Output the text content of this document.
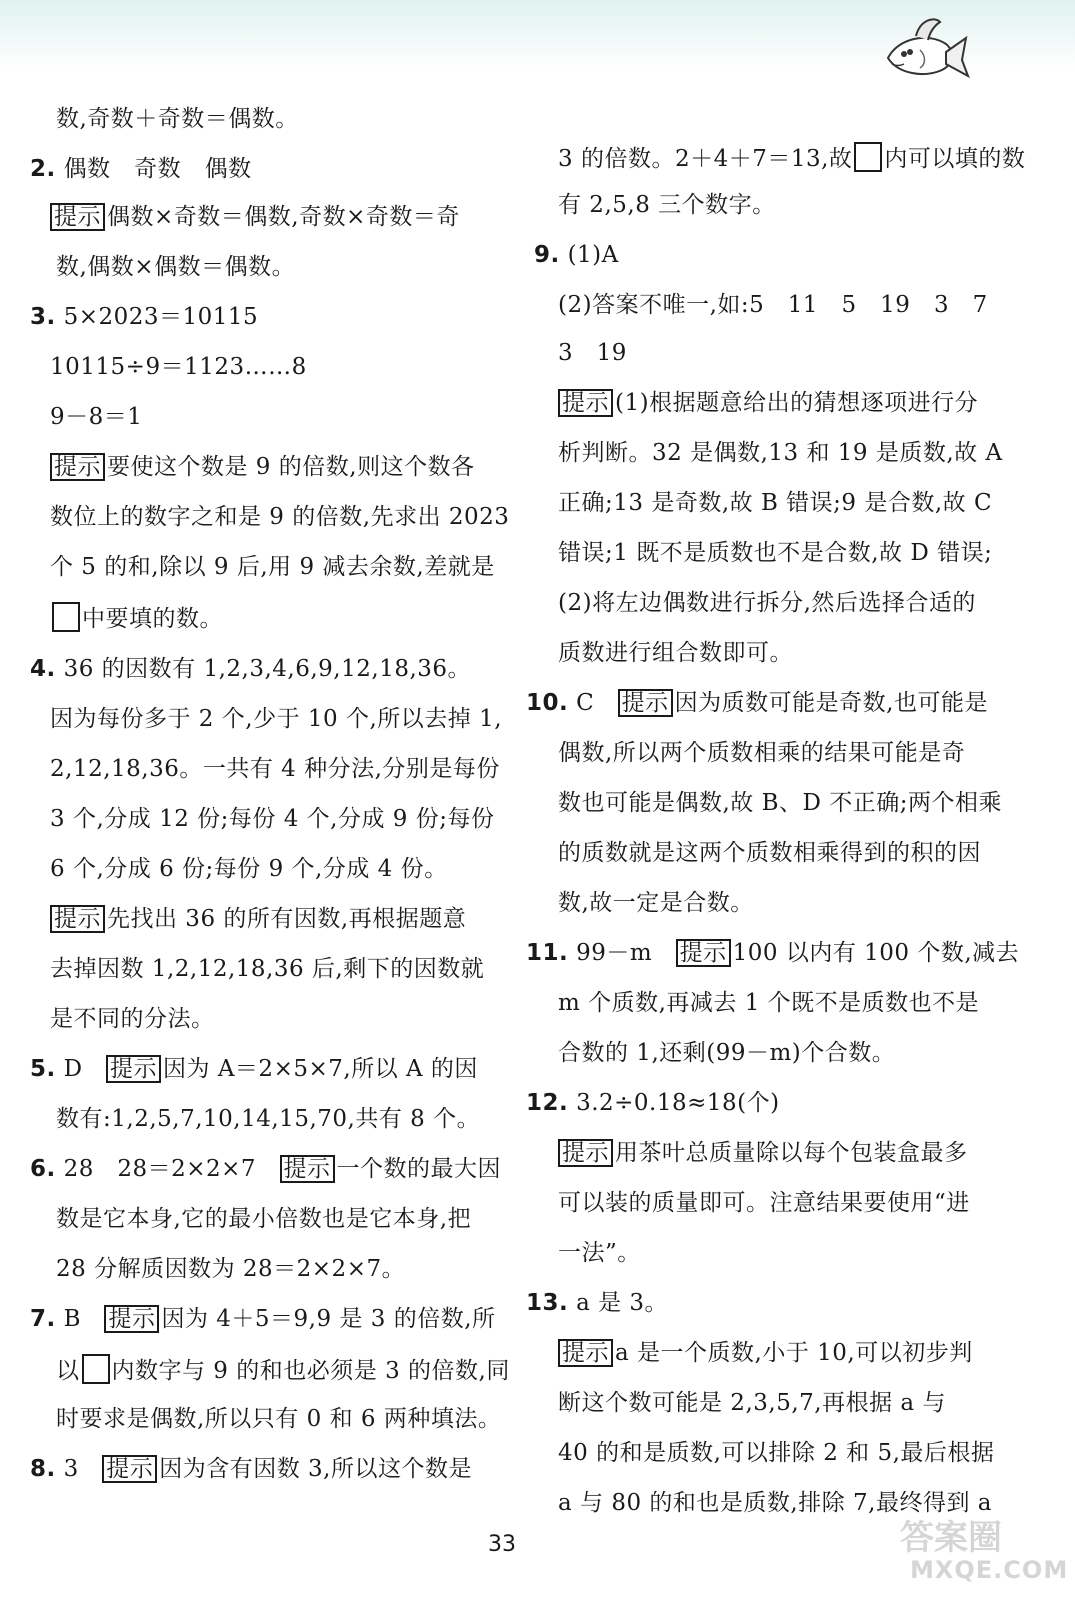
数,奇数＋奇数＝偶数。
2. 偶数　奇数　偶数
提示 偶数×奇数＝偶数,奇数×奇数＝奇
数,偶数×偶数＝偶数。
3. 5×2023＝10115
10115÷9＝1123……8
9－8＝1
提示 要使这个数是 9 的倍数,则这个数各
数位上的数字之和是 9 的倍数,先求出 2023
个 5 的和,除以 9 后,用 9 减去余数,差就是
中要填的数。
4. 36 的因数有 1,2,3,4,6,9,12,18,36。
因为每份多于 2 个,少于 10 个,所以去掉 1,
2,12,18,36。一共有 4 种分法,分别是每份
3 个,分成 12 份;每份 4 个,分成 9 份;每份
6 个,分成 6 份;每份 9 个,分成 4 份。
提示 先找出 36 的所有因数,再根据题意
去掉因数 1,2,12,18,36 后,剩下的因数就
是不同的分法。
5. D　提示 因为 A＝2×5×7,所以 A 的因
数有:1,2,5,7,10,14,15,70,共有 8 个。
6. 28　28＝2×2×7　提示 一个数的最大因
数是它本身,它的最小倍数也是它本身,把
28 分解质因数为 28＝2×2×7。
7. B　提示 因为 4＋5＝9,9 是 3 的倍数,所
以 内数字与 9 的和也必须是 3 的倍数,同
时要求是偶数,所以只有 0 和 6 两种填法。
8. 3　提示 因为含有因数 3,所以这个数是
3 的倍数。2＋4＋7＝13,故 内可以填的数
有 2,5,8 三个数字。
9. (1)A
(2)答案不唯一,如:5　11　5　19　3　7
3　19
提示 (1)根据题意给出的猜想逐项进行分
析判断。32 是偶数,13 和 19 是质数,故 A
正确;13 是奇数,故 B 错误;9 是合数,故 C
错误;1 既不是质数也不是合数,故 D 错误;
(2)将左边偶数进行拆分,然后选择合适的
质数进行组合数即可。
10. C　提示 因为质数可能是奇数,也可能是
偶数,所以两个质数相乘的结果可能是奇
数也可能是偶数,故 B、D 不正确;两个相乘
的质数就是这两个质数相乘得到的积的因
数,故一定是合数。
11. 99－m　提示 100 以内有 100 个数,减去
m 个质数,再减去 1 个既不是质数也不是
合数的 1,还剩(99－m)个合数。
12. 3.2÷0.18≈18(个)
提示 用茶叶总质量除以每个包装盒最多
可以装的质量即可。注意结果要使用“进
一法”。
13. a 是 3。
提示 a 是一个质数,小于 10,可以初步判
断这个数可能是 2,3,5,7,再根据 a 与
40 的和是质数,可以排除 2 和 5,最后根据
a 与 80 的和也是质数,排除 7,最终得到 a
33	答案圈
MXQE.COM
